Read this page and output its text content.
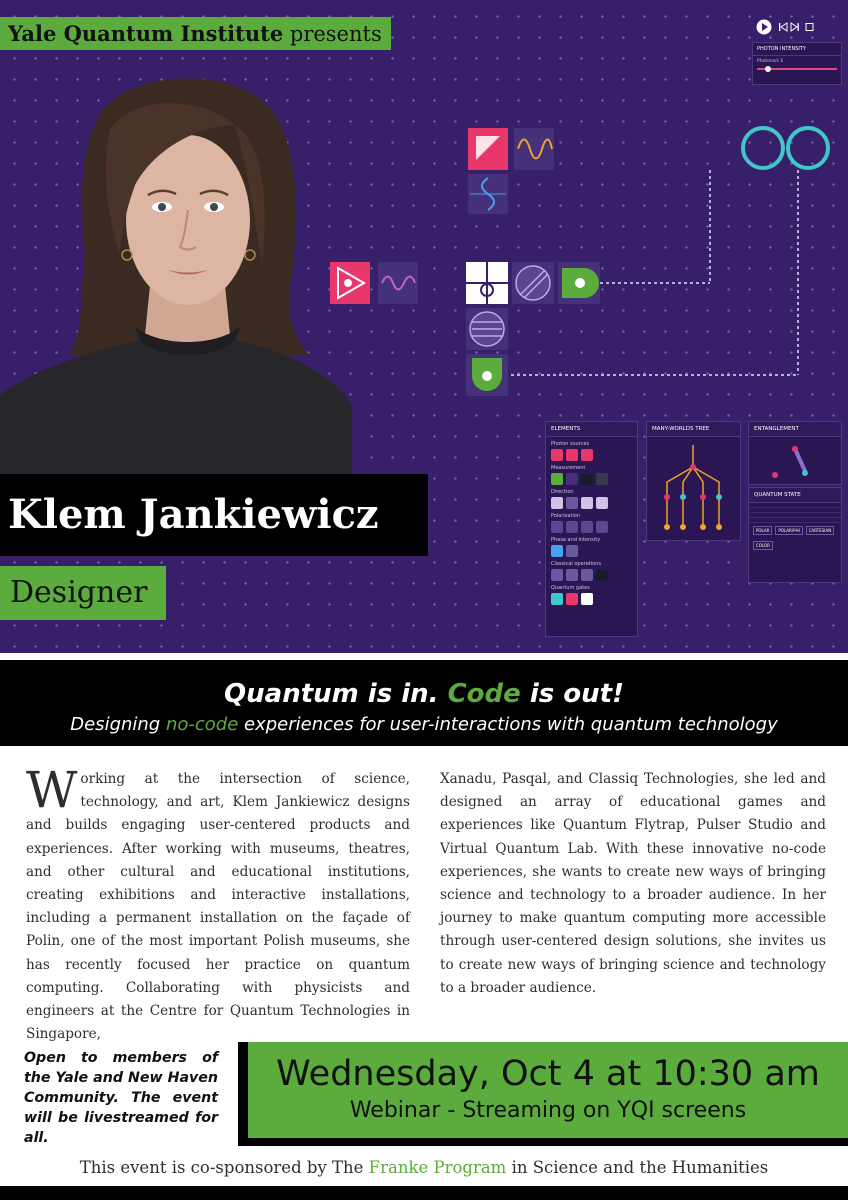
Yale Quantum Institute presents
Klem Jankiewicz
Designer
PHOTON INTENSITY
Photons/s 1
ELEMENTS
Photon sources
Measurement
Direction
Polarization
Phase and intensity
Classical operations
Quantum gates
MANY-WORLDS TREE	ENTANGLEMENT
QUANTUM STATE
POLAR	POLAR/PHI	CARTESIAN
COLOR
Quantum is in. Code is out!
Designing no-code experiences for user-interactions with quantum technology
Working at the intersection of science, technology, and art, Klem Jankiewicz designs and builds engaging user-centered products and experiences. After working with museums, theatres, and other cultural and educational institutions, creating exhibitions and interactive installations, including a permanent installation on the façade of Polin, one of the most important Polish museums, she has recently focused her practice on quantum computing. Collaborating with physicists and engineers at the Centre for Quantum Technologies in Singapore,
Xanadu, Pasqal, and Classiq Technologies, she led and designed an array of educational games and experiences like Quantum Flytrap, Pulser Studio and Virtual Quantum Lab. With these innovative no-code experiences, she wants to create new ways of bringing science and technology to a broader audience. In her journey to make quantum computing more accessible through user-centered design solutions, she invites us to create new ways of bringing science and technology to a broader audience.
Open to members of the Yale and New Haven Community. The event will be livestreamed for all.
Wednesday, Oct 4 at 10:30 am
Webinar - Streaming on YQI screens
This event is co-sponsored by The Franke Program in Science and the Humanities
